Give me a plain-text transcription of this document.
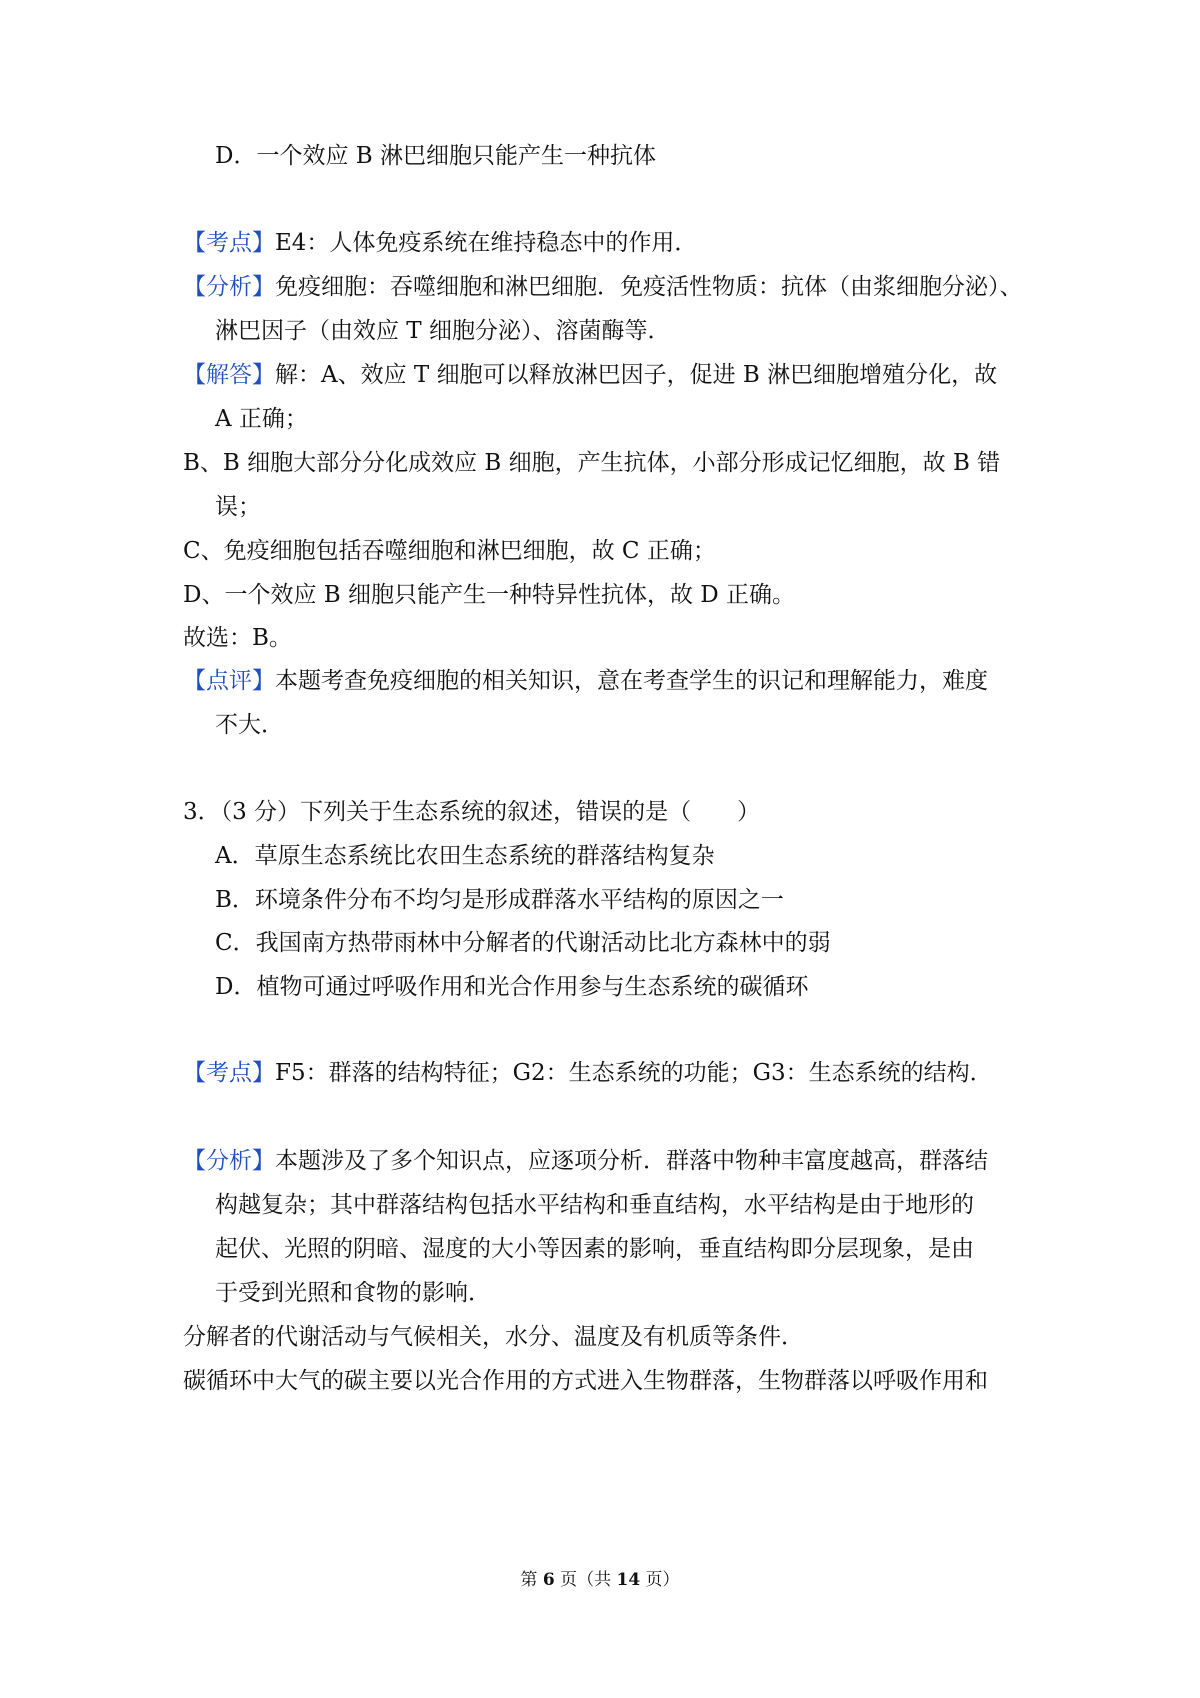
D．一个效应 B 淋巴细胞只能产生一种抗体
【考点】E4：人体免疫系统在维持稳态中的作用．
【分析】免疫细胞：吞噬细胞和淋巴细胞．免疫活性物质：抗体（由浆细胞分泌）、
淋巴因子（由效应 T 细胞分泌）、溶菌酶等．
【解答】解：A、效应 T 细胞可以释放淋巴因子，促进 B 淋巴细胞增殖分化，故
A 正确；
B、B 细胞大部分分化成效应 B 细胞，产生抗体，小部分形成记忆细胞，故 B 错
误；
C、免疫细胞包括吞噬细胞和淋巴细胞，故 C 正确；
D、一个效应 B 细胞只能产生一种特异性抗体，故 D 正确。
故选：B。
【点评】本题考查免疫细胞的相关知识，意在考查学生的识记和理解能力，难度
不大．
3．（3 分）下列关于生态系统的叙述，错误的是（　　）
A．草原生态系统比农田生态系统的群落结构复杂
B．环境条件分布不均匀是形成群落水平结构的原因之一
C．我国南方热带雨林中分解者的代谢活动比北方森林中的弱
D．植物可通过呼吸作用和光合作用参与生态系统的碳循环
【考点】F5：群落的结构特征；G2：生态系统的功能；G3：生态系统的结构．
【分析】本题涉及了多个知识点，应逐项分析．群落中物种丰富度越高，群落结
构越复杂；其中群落结构包括水平结构和垂直结构，水平结构是由于地形的
起伏、光照的阴暗、湿度的大小等因素的影响，垂直结构即分层现象，是由
于受到光照和食物的影响．
分解者的代谢活动与气候相关，水分、温度及有机质等条件．
碳循环中大气的碳主要以光合作用的方式进入生物群落，生物群落以呼吸作用和
第 6 页（共 14 页）
